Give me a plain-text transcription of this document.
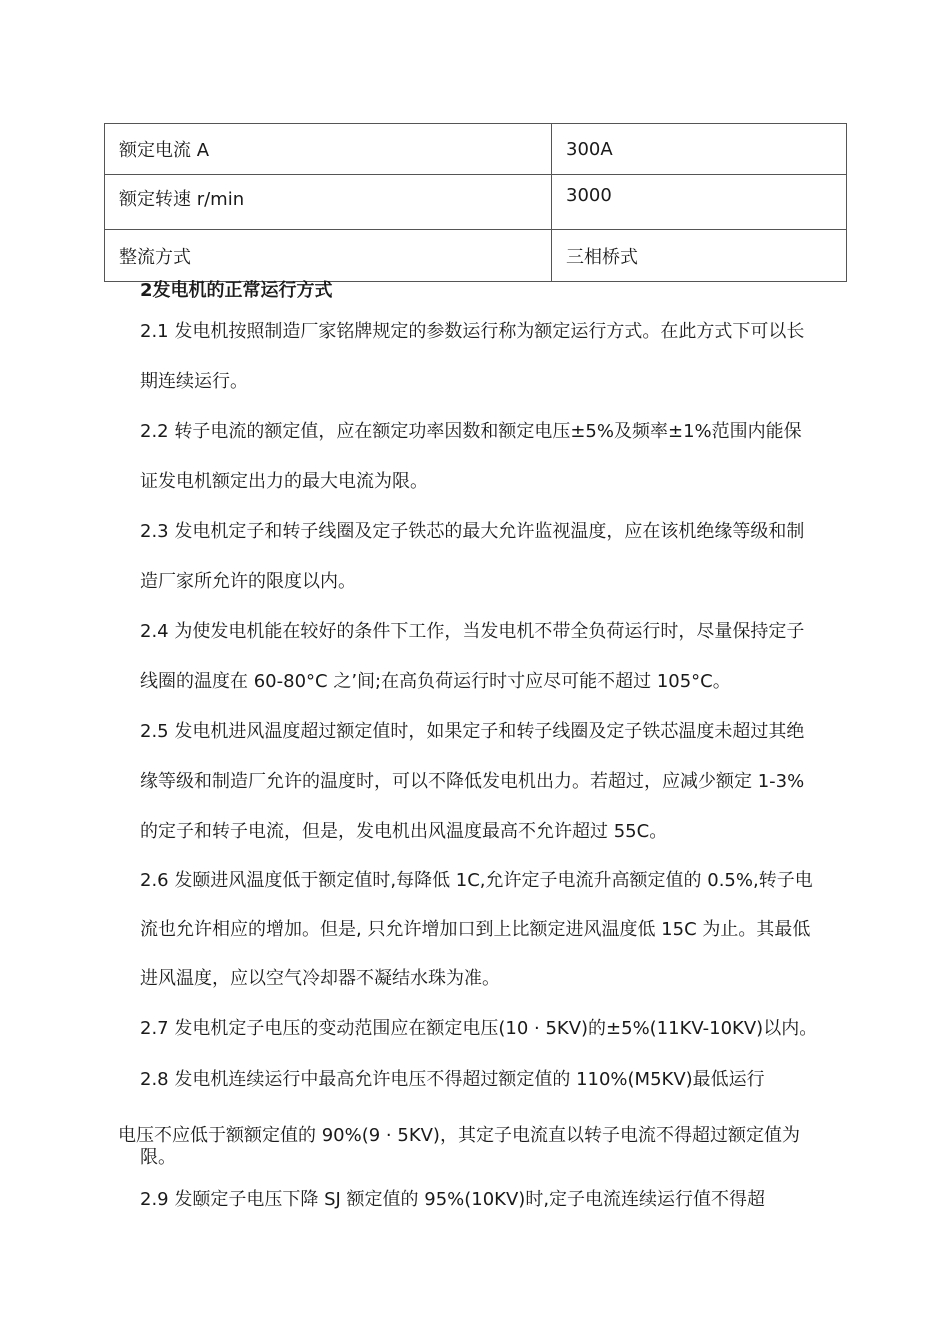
额定电流 A	300A
额定转速 r/min	3000
整流方式	三相桥式
2发电机的正常运行方式
2.1 发电机按照制造厂家铭牌规定的参数运行称为额定运行方式。在此方式下可以长
期连续运行。
2.2 转子电流的额定值，应在额定功率因数和额定电压±5%及频率±1%范围内能保
证发电机额定出力的最大电流为限。
2.3 发电机定子和转子线圈及定子铁芯的最大允许监视温度，应在该机绝缘等级和制
造厂家所允许的限度以内。
2.4 为使发电机能在较好的条件下工作，当发电机不带全负荷运行时，尽量保持定子
线圈的温度在 60-80°C 之’间;在高负荷运行时寸应尽可能不超过 105°C。
2.5 发电机进风温度超过额定值时，如果定子和转子线圈及定子铁芯温度未超过其绝
缘等级和制造厂允许的温度时，可以不降低发电机出力。若超过，应减少额定 1-3%
的定子和转子电流，但是，发电机出风温度最高不允许超过 55C。
2.6 发颐进风温度低于额定值时,每降低 1C,允许定子电流升高额定值的 0.5%,转子电
流也允许相应的增加。但是, 只允许增加口到上比额定进风温度低 15C 为止。其最低
进风温度，应以空气冷却器不凝结水珠为准。
2.7 发电机定子电压的变动范围应在额定电压(10 · 5KV)的±5%(11KV-10KV)以内。
2.8 发电机连续运行中最高允许电压不得超过额定值的 110%(M5KV)最低运行
电压不应低于额额定值的 90%(9 · 5KV)，其定子电流直以转子电流不得超过额定值为
限。
2.9 发颐定子电压下降 SJ 额定值的 95%(10KV)时,定子电流连续运行值不得超
